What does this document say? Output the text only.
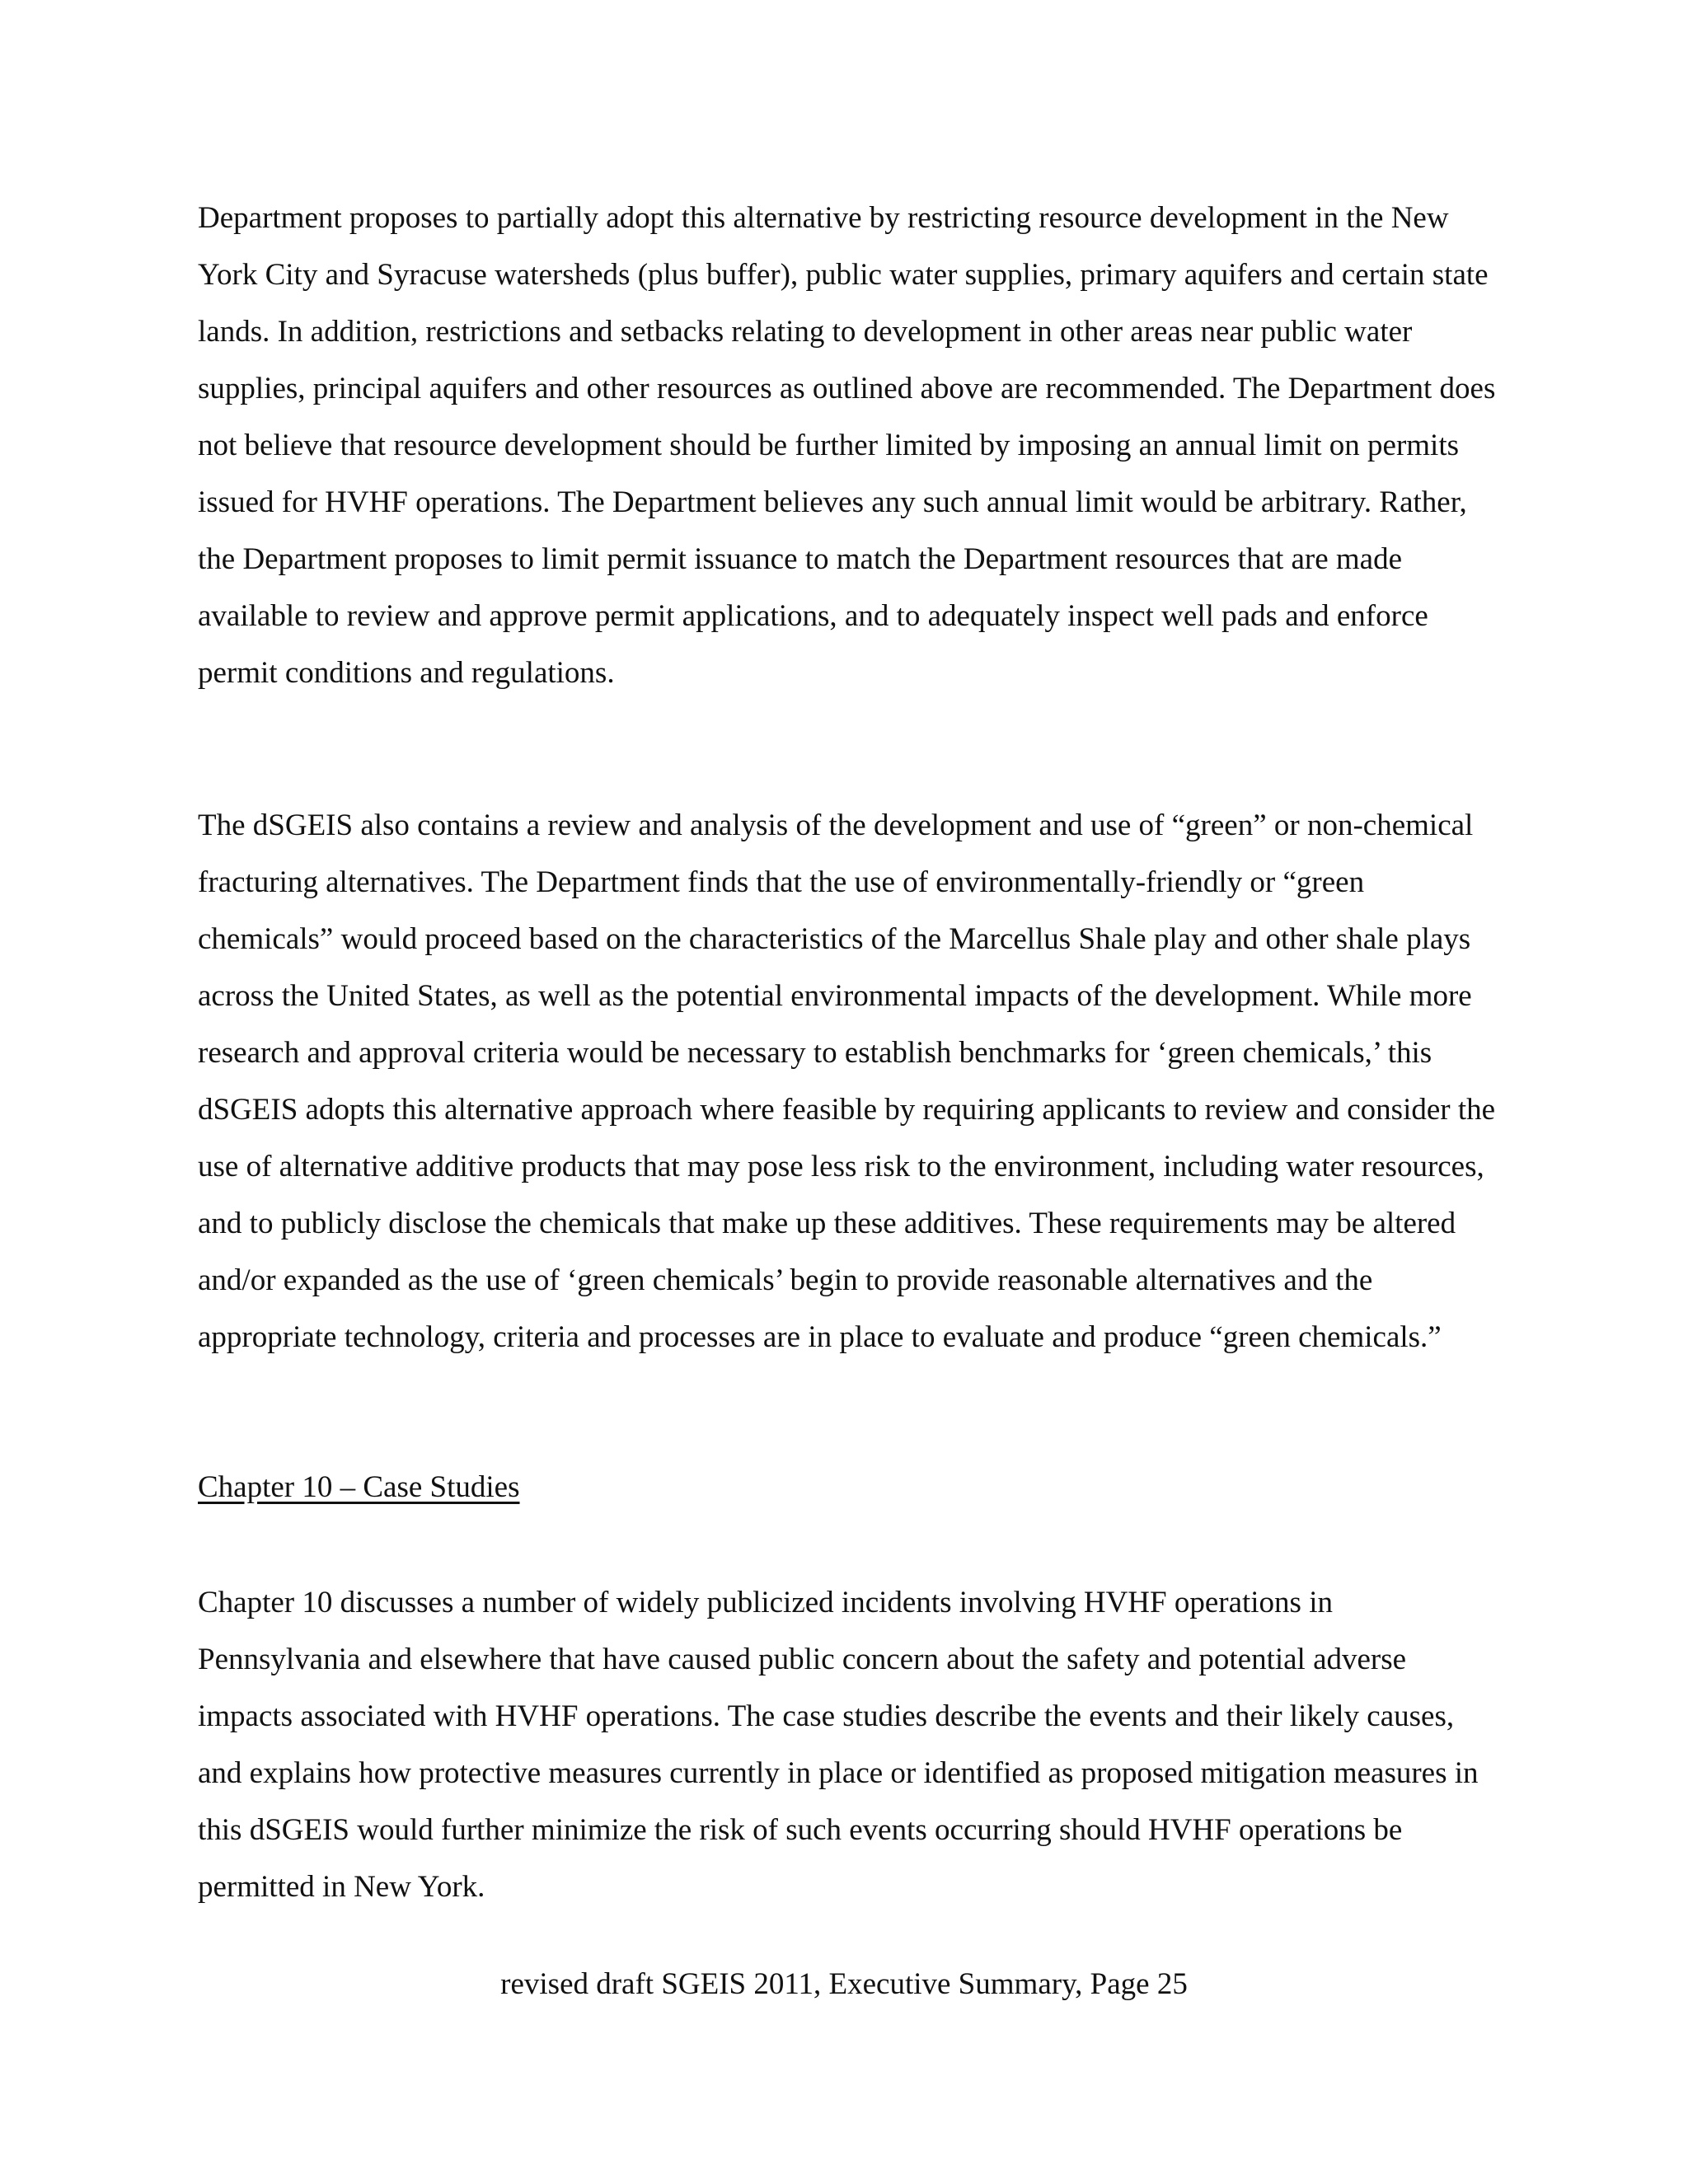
Department proposes to partially adopt this alternative by restricting resource development in the New York City and Syracuse watersheds (plus buffer), public water supplies, primary aquifers and certain state lands. In addition, restrictions and setbacks relating to development in other areas near public water supplies, principal aquifers and other resources as outlined above are recommended. The Department does not believe that resource development should be further limited by imposing an annual limit on permits issued for HVHF operations. The Department believes any such annual limit would be arbitrary. Rather, the Department proposes to limit permit issuance to match the Department resources that are made available to review and approve permit applications, and to adequately inspect well pads and enforce permit conditions and regulations.

The dSGEIS also contains a review and analysis of the development and use of “green” or non-chemical fracturing alternatives. The Department finds that the use of environmentally-friendly or “green chemicals” would proceed based on the characteristics of the Marcellus Shale play and other shale plays across the United States, as well as the potential environmental impacts of the development. While more research and approval criteria would be necessary to establish benchmarks for ‘green chemicals,’ this dSGEIS adopts this alternative approach where feasible by requiring applicants to review and consider the use of alternative additive products that may pose less risk to the environment, including water resources, and to publicly disclose the chemicals that make up these additives. These requirements may be altered and/or expanded as the use of ‘green chemicals’ begin to provide reasonable alternatives and the appropriate technology, criteria and processes are in place to evaluate and produce “green chemicals.”

Chapter 10 – Case Studies

Chapter 10 discusses a number of widely publicized incidents involving HVHF operations in Pennsylvania and elsewhere that have caused public concern about the safety and potential adverse impacts associated with HVHF operations. The case studies describe the events and their likely causes, and explains how protective measures currently in place or identified as proposed mitigation measures in this dSGEIS would further minimize the risk of such events occurring should HVHF operations be permitted in New York.

revised draft SGEIS 2011, Executive Summary, Page 25
